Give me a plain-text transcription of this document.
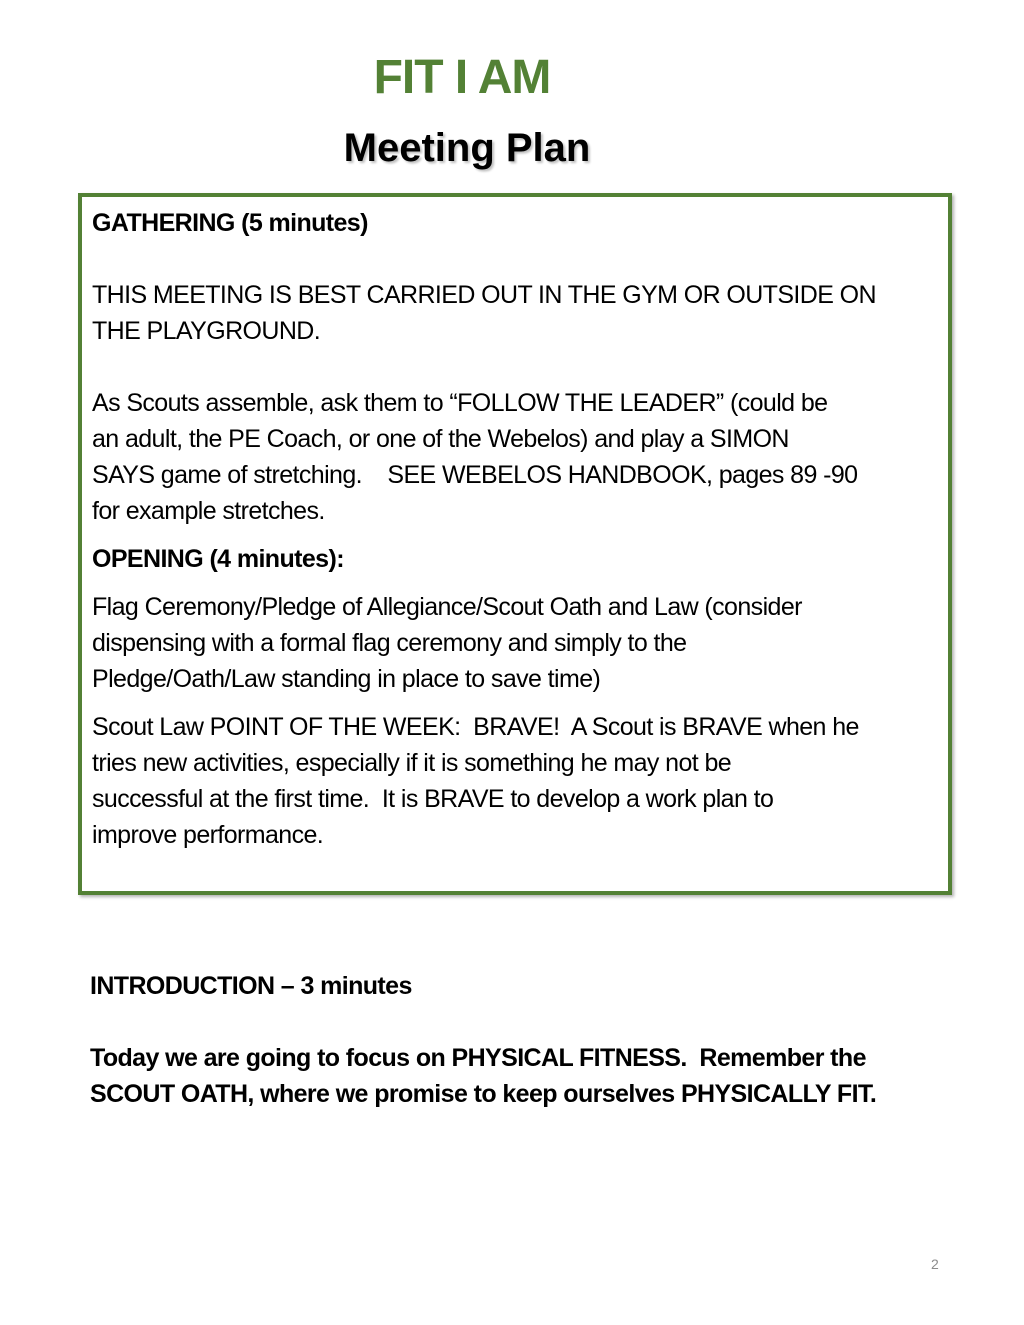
FIT I AM
Meeting Plan

GATHERING (5 minutes)

THIS MEETING IS BEST CARRIED OUT IN THE GYM OR OUTSIDE ON

THE PLAYGROUND.

As Scouts assemble, ask them to “FOLLOW THE LEADER” (could be

an adult, the PE Coach, or one of the Webelos) and play a SIMON

SAYS game of stretching.    SEE WEBELOS HANDBOOK, pages 89 -90

for example stretches.

OPENING (4 minutes):

Flag Ceremony/Pledge of Allegiance/Scout Oath and Law (consider

dispensing with a formal flag ceremony and simply to the

Pledge/Oath/Law standing in place to save time)

Scout Law POINT OF THE WEEK:  BRAVE!  A Scout is BRAVE when he

tries new activities, especially if it is something he may not be

successful at the first time.  It is BRAVE to develop a work plan to

improve performance.

INTRODUCTION – 3 minutes

Today we are going to focus on PHYSICAL FITNESS.  Remember the

SCOUT OATH, where we promise to keep ourselves PHYSICALLY FIT.

2
